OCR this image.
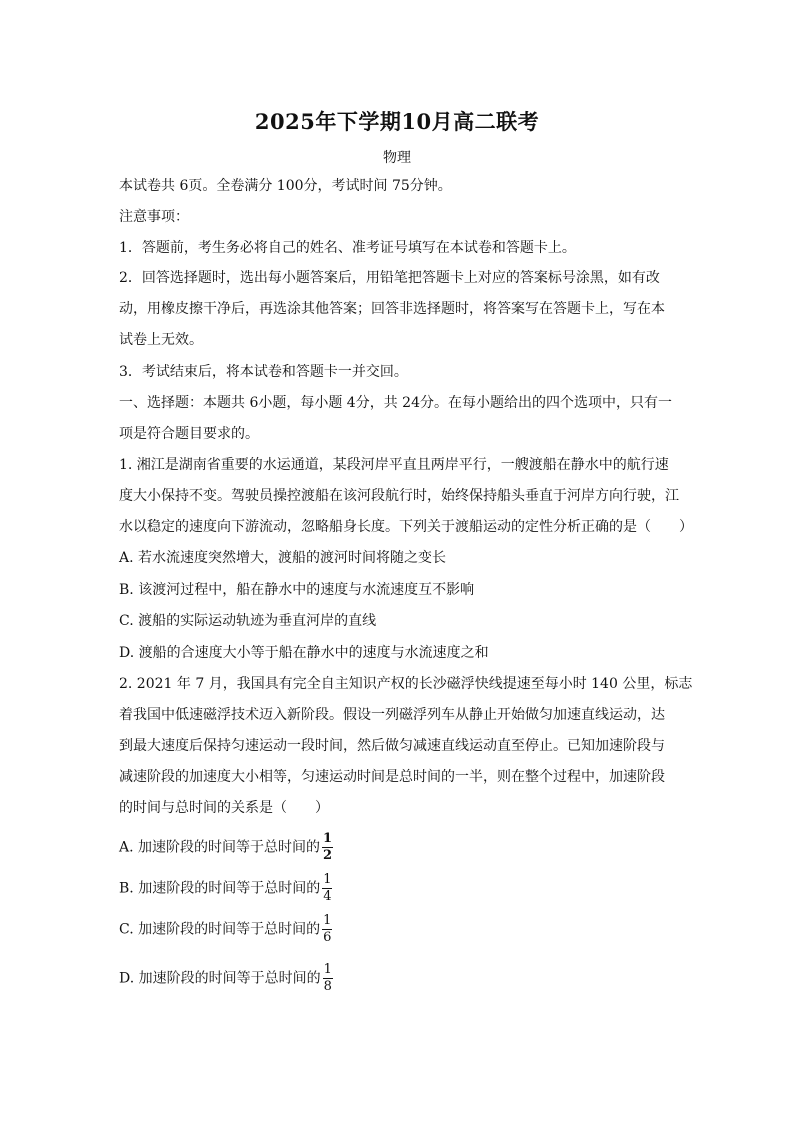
2025年下学期10月高二联考
物理
本试卷共 6页。全卷满分 100分，考试时间 75分钟。
注意事项：
1．答题前，考生务必将自己的姓名、准考证号填写在本试卷和答题卡上。
2．回答选择题时，选出每小题答案后，用铅笔把答题卡上对应的答案标号涂黑，如有改
动，用橡皮擦干净后，再选涂其他答案；回答非选择题时，将答案写在答题卡上，写在本
试卷上无效。
3．考试结束后，将本试卷和答题卡一并交回。
一、选择题：本题共 6小题，每小题 4分，共 24分。在每小题给出的四个选项中，只有一
项是符合题目要求的。
1. 湘江是湖南省重要的水运通道，某段河岸平直且两岸平行，一艘渡船在静水中的航行速
度大小保持不变。驾驶员操控渡船在该河段航行时，始终保持船头垂直于河岸方向行驶，江
水以稳定的速度向下游流动，忽略船身长度。下列关于渡船运动的定性分析正确的是（　　）
A. 若水流速度突然增大，渡船的渡河时间将随之变长
B. 该渡河过程中，船在静水中的速度与水流速度互不影响
C. 渡船的实际运动轨迹为垂直河岸的直线
D. 渡船的合速度大小等于船在静水中的速度与水流速度之和
2. 2021 年 7 月，我国具有完全自主知识产权的长沙磁浮快线提速至每小时 140 公里，标志
着我国中低速磁浮技术迈入新阶段。假设一列磁浮列车从静止开始做匀加速直线运动，达
到最大速度后保持匀速运动一段时间，然后做匀减速直线运动直至停止。已知加速阶段与
减速阶段的加速度大小相等，匀速运动时间是总时间的一半，则在整个过程中，加速阶段
的时间与总时间的关系是（　　）
A. 加速阶段的时间等于总时间的 $\frac{1}{2}$
B. 加速阶段的时间等于总时间的 $\frac{1}{4}$
C. 加速阶段的时间等于总时间的 $\frac{1}{6}$
D. 加速阶段的时间等于总时间的 $\frac{1}{8}$
